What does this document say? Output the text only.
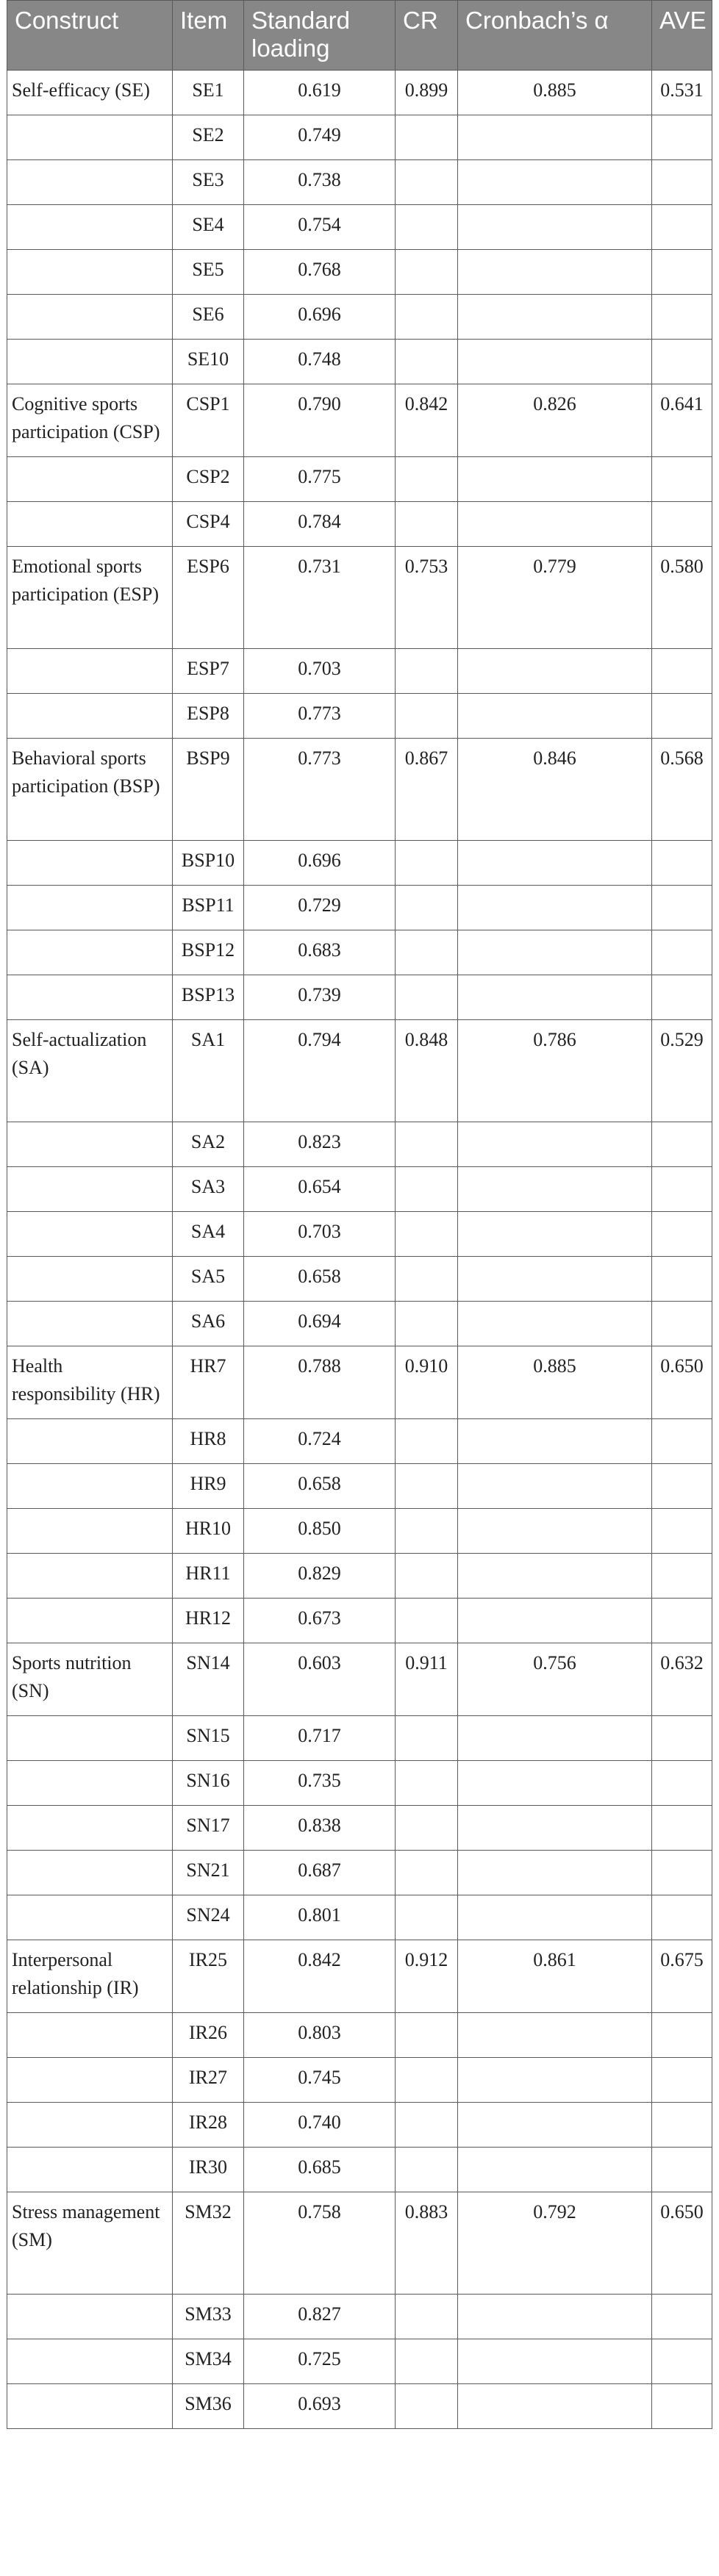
Construct	Item	Standard loading	CR	Cronbach’s α	AVE
Self-efficacy (SE)	SE1	0.619	0.899	0.885	0.531
	SE2	0.749			
	SE3	0.738			
	SE4	0.754			
	SE5	0.768			
	SE6	0.696			
	SE10	0.748			
Cognitive sports participation (CSP)	CSP1	0.790	0.842	0.826	0.641
	CSP2	0.775			
	CSP4	0.784			
Emotional sports participation (ESP)	ESP6	0.731	0.753	0.779	0.580
	ESP7	0.703			
	ESP8	0.773			
Behavioral sports participation (BSP)	BSP9	0.773	0.867	0.846	0.568
	BSP10	0.696			
	BSP11	0.729			
	BSP12	0.683			
	BSP13	0.739			
Self-actualization (SA)	SA1	0.794	0.848	0.786	0.529
	SA2	0.823			
	SA3	0.654			
	SA4	0.703			
	SA5	0.658			
	SA6	0.694			
Health responsibility (HR)	HR7	0.788	0.910	0.885	0.650
	HR8	0.724			
	HR9	0.658			
	HR10	0.850			
	HR11	0.829			
	HR12	0.673			
Sports nutrition (SN)	SN14	0.603	0.911	0.756	0.632
	SN15	0.717			
	SN16	0.735			
	SN17	0.838			
	SN21	0.687			
	SN24	0.801			
Interpersonal relationship (IR)	IR25	0.842	0.912	0.861	0.675
	IR26	0.803			
	IR27	0.745			
	IR28	0.740			
	IR30	0.685			
Stress management (SM)	SM32	0.758	0.883	0.792	0.650
	SM33	0.827			
	SM34	0.725			
	SM36	0.693			
